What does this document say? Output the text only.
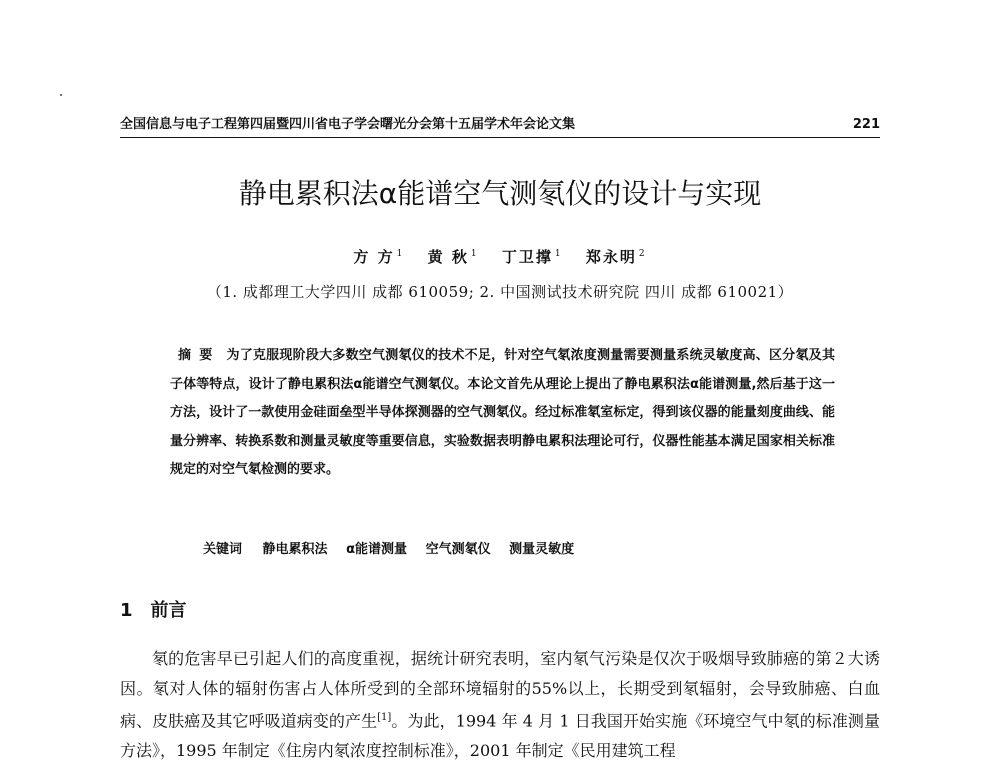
全国信息与电子工程第四届暨四川省电子学会曙光分会第十五届学术年会论文集	221
静电累积法α能谱空气测氡仪的设计与实现
方 方 $^1$ 黄 秋 $^1$ 丁卫撑 $^1$ 郑永明 $^2$
（1. 成都理工大学四川 成都 610059; 2. 中国测试技术研究院 四川 成都 610021）
摘要 为了克服现阶段大多数空气测氡仪的技术不足，针对空气氡浓度测量需要测量系统灵敏度高、区分氡及其子体等特点，设计了静电累积法α能谱空气测氡仪。本论文首先从理论上提出了静电累积法α能谱测量,然后基于这一方法，设计了一款使用金硅面垒型半导体探测器的空气测氡仪。经过标准氡室标定，得到该仪器的能量刻度曲线、能量分辨率、转换系数和测量灵敏度等重要信息，实验数据表明静电累积法理论可行，仪器性能基本满足国家相关标准规定的对空气氡检测的要求。
关键词 静电累积法 α能谱测量 空气测氡仪 测量灵敏度
1 前言
氡的危害早已引起人们的高度重视，据统计研究表明，室内氡气污染是仅次于吸烟导致肺癌的第２大诱因。氡对人体的辐射伤害占人体所受到的全部环境辐射的55%以上，长期受到氡辐射，会导致肺癌、白血病、皮肤癌及其它呼吸道病变的产生[1]。为此，1994 年 4 月 1 日我国开始实施《环境空气中氡的标准测量方法》，1995 年制定《住房内氡浓度控制标准》，2001 年制定《民用建筑工程
